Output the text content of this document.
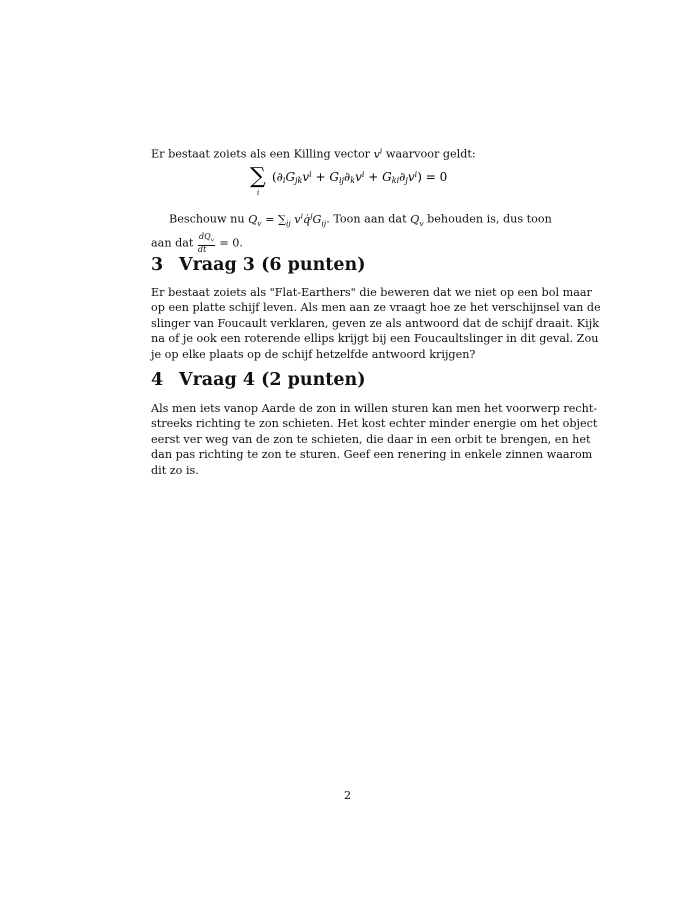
Er bestaat zoiets als een Killing vector $v^i$ waarvoor geldt:

∑
i
(∂iGjkv$^i$ + $Gij\partial kv^i + Gki\partial jv^i) = 0$

Beschouw nu $Q_v = \sum_{ij}$ $v^iq̇^jG_{ij}$. Toon aan dat $Q_v$ behouden is, dus toon
aan dat $\frac{dQ_v}{dt} = 0$.

3 Vraag 3 (6 punten)

Er bestaat zoiets als "Flat-Earthers" die beweren dat we niet op een bol maar
op een platte schijf leven. Als men aan ze vraagt hoe ze het verschijnsel van de
slinger van Foucault verklaren, geven ze als antwoord dat de schijf draait. Kijk
na of je ook een roterende ellips krijgt bij een Foucaultslinger in dit geval. Zou
je op elke plaats op de schijf hetzelfde antwoord krijgen?

4 Vraag 4 (2 punten)

Als men iets vanop Aarde de zon in willen sturen kan men het voorwerp recht-
streeks richting te zon schieten. Het kost echter minder energie om het object
eerst ver weg van de zon te schieten, die daar in een orbit te brengen, en het
dan pas richting te zon te sturen. Geef een renering in enkele zinnen waarom
dit zo is.

2
